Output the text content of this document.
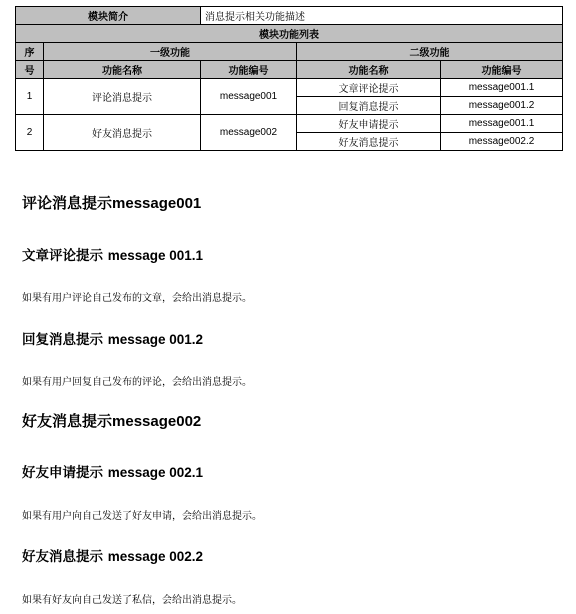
模块简介		消息提示相关功能描述		
模块功能列表				
序	一级功能		二级功能	
号	功能名称	功能编号	功能名称	功能编号
1	评论消息提示	message001	文章评论提示	message001.1
			回复消息提示	message001.2
2	好友消息提示	message002	好友申请提示	message001.1
			好友消息提示	message002.2
评论消息提示message001
文章评论提示 message 001.1

如果有用户评论自己发布的文章，会给出消息提示。

回复消息提示 message 001.2

如果有用户回复自己发布的评论，会给出消息提示。

好友消息提示message002
好友申请提示 message 002.1

如果有用户向自己发送了好友申请，会给出消息提示。

好友消息提示 message 002.2

如果有好友向自己发送了私信，会给出消息提示。
